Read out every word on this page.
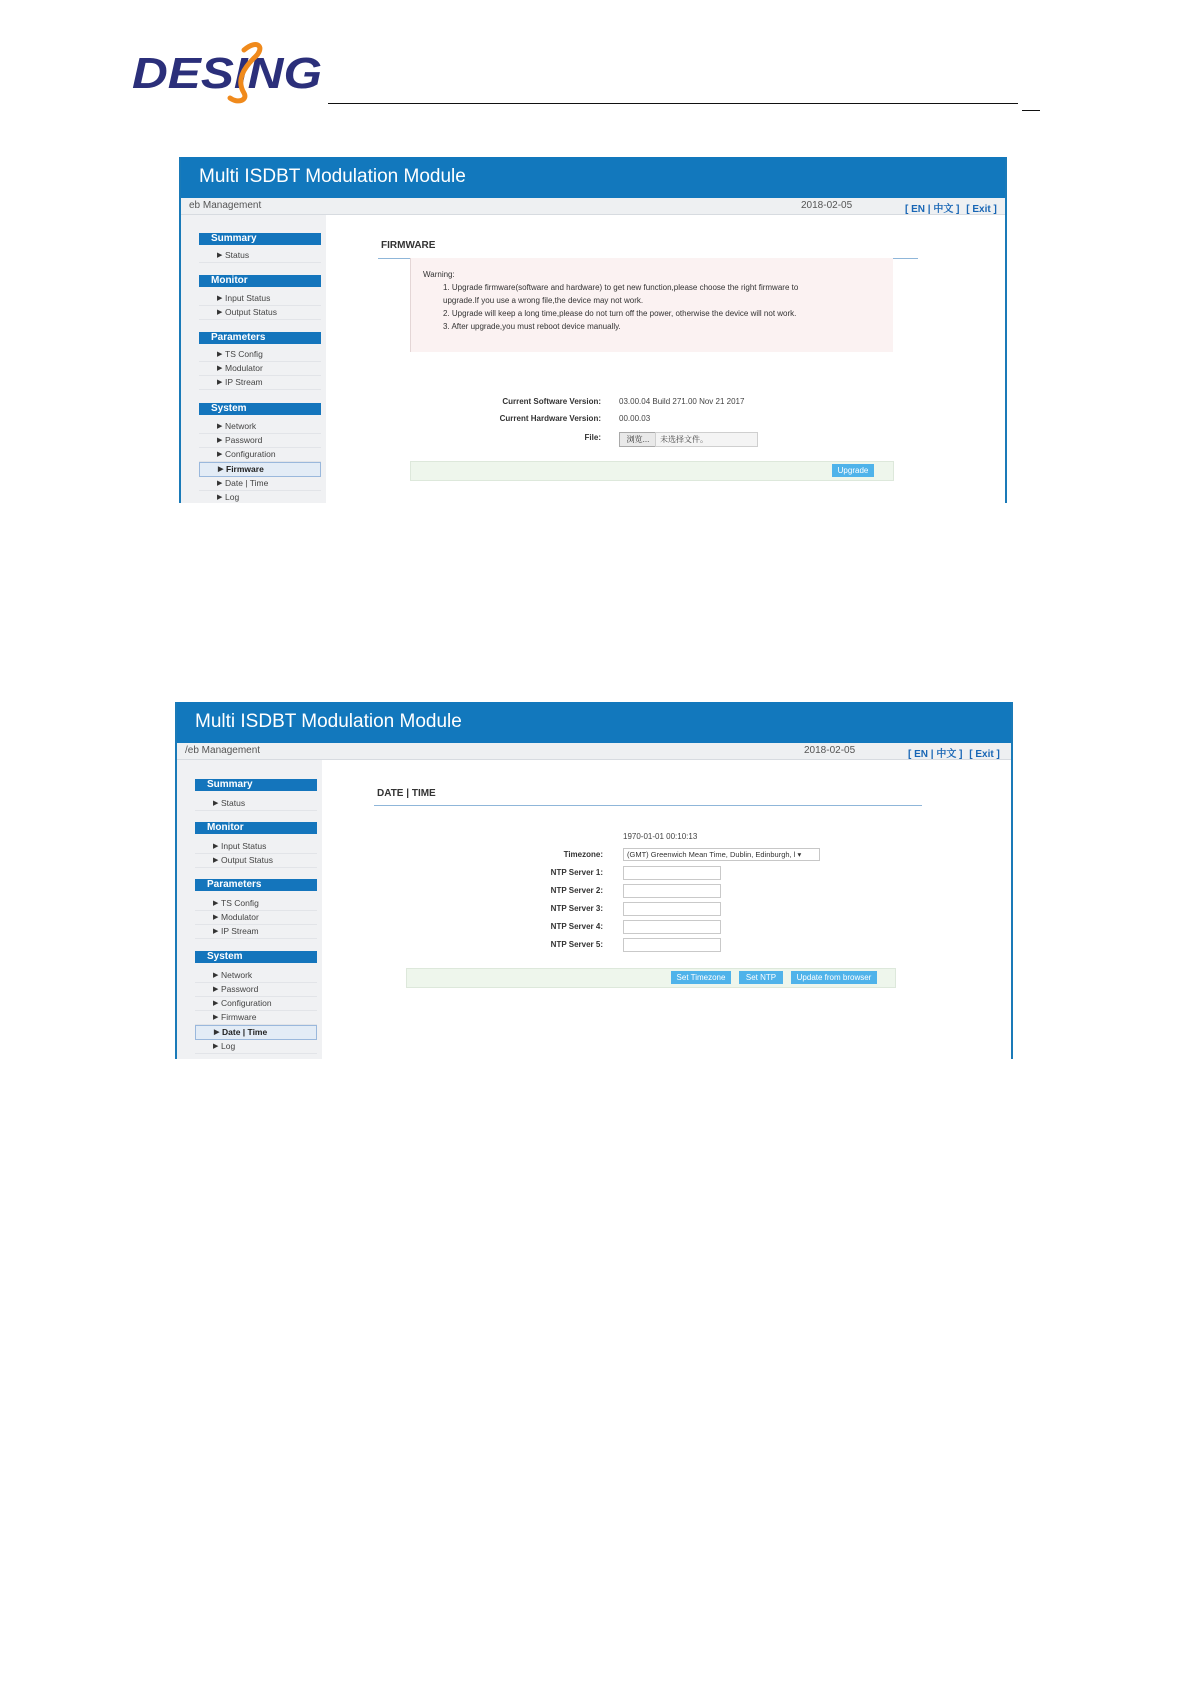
DESING
Multi ISDBT Modulation Module
eb Management	2018-02-05	[ EN | 中文 ] [ Exit ]
Summary
▶ Status
Monitor
▶ Input Status
▶ Output Status
Parameters
▶ TS Config
▶ Modulator
▶ IP Stream
System
▶ Network
▶ Password
▶ Configuration
▶ Firmware
▶ Date | Time
▶ Log
FIRMWARE
Warning:
1. Upgrade firmware(software and hardware) to get new function,please choose the right firmware to
upgrade.If you use a wrong file,the device may not work.
2. Upgrade will keep a long time,please do not turn off the power, otherwise the device will not work.
3. After upgrade,you must reboot device manually.
Current Software Version: 03.00.04 Build 271.00 Nov 21 2017
Current Hardware Version: 00.00.03
File:	浏览...	未选择文件。
Upgrade
Multi ISDBT Modulation Module
/eb Management	2018-02-05	[ EN | 中文 ] [ Exit ]
Summary
▶ Status
Monitor
▶ Input Status
▶ Output Status
Parameters
▶ TS Config
▶ Modulator
▶ IP Stream
System
▶ Network
▶ Password
▶ Configuration
▶ Firmware
▶ Date | Time
▶ Log
DATE | TIME
1970-01-01 00:10:13
Timezone:	(GMT) Greenwich Mean Time, Dublin, Edinburgh, l ▾
NTP Server 1:
NTP Server 2:
NTP Server 3:
NTP Server 4:
NTP Server 5:
Set Timezone	Set NTP	Update from browser
